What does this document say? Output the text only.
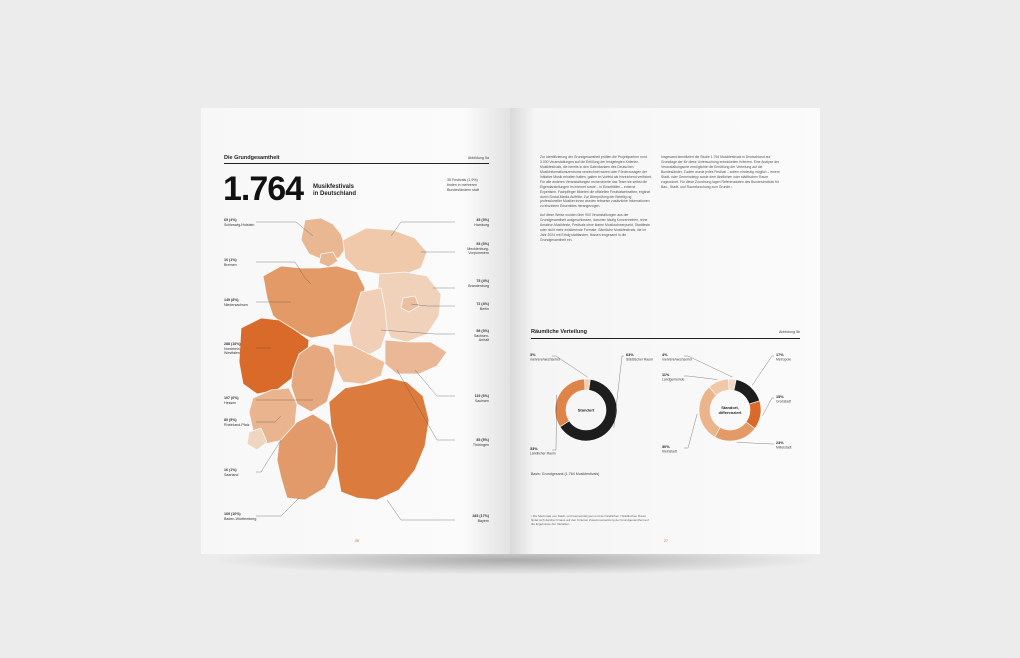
Die Grundgesamtheit	Abbildung 5a
1.764 Musikfestivals
in Deutschland
35 Festivals (1,9%)
finden in mehreren
Bundesländern statt
65 (4%)
Schleswig-Holstein
16 (1%)
Bremen
149 (8%)
Niedersachsen
288 (16%)
Nordrhein-Westfalen
107 (6%)
Hessen
80 (5%)
Rheinland-Pfalz
16 (1%)
Saarland
169 (10%)
Baden-Württemberg
45 (3%)
Hamburg
53 (3%)
Mecklenburg-Vorpommern
75 (4%)
Brandenburg
72 (4%)
Berlin
58 (3%)
Sachsen-Anhalt
119 (6%)
Sachsen
85 (5%)
Thüringen
283 (17%)
Bayern
26
Zur Identifizierung der Grundgesamtheit prüften die Projektpartner rund 3.000 Veranstaltungen auf die Erfüllung der festgelegten Kriterien. Musikfestivals, die bereits in den Datenbanken des Deutschen Musikinformationszentrums verzeichnet waren oder Förderzusagen der Initiative Musik erhalten hatten, galten im Vorfeld als hinreichend verifiziert. Für alle anderen Veranstaltungen recherchierte das Team sie selbst die Eigendarstellungen im Internet sowie – in Einzelfällen – externe Expertisen. Fachpfleger bildeten die offiziellen Festivalwebseiten, ergänzt durch Social-Media-Auftritte. Zur Überprüfung der Beteilig-ng professioneller Musiker:innen wurden teilweise zusätzliche Informationen zu einzelnen Ensembles herangezogen.
Auf diese Weise wurden über 900 Veranstaltungen aus der Grundgesamtheit ausgeschlossen, darunter häufig Konzertreihen, reine Amateur-Musikfeste, Festivals ohne klaren Musikschwerpunkt, Stadtfeste oder nicht mehr existierende Formate. Sämtliche Musikfestivals, die im Jahr 2024 mit Erfolg stattfanden, flossen insgesamt in die Grundgesamtheit ein.
Insgesamt identifiziert die Studie 1.764 Musikfestivals in Deutschland auf Grundlage der für diese Untersuchung entwickelten Kriterien. Eine Analyse der Veranstaltungsorte ermöglichte die Ermittlung der Verteilung auf die Bundesländer. Zudem wurde jedes Festival – sofern eindeutig möglich – einem Stadt- oder Gemeindetyp sowie dem ländlichen oder städtischen Raum zugeordnet. Für diese Zuordnung lagen Referenzdaten des Bundesinstituts für Bau-, Stadt- und Raumforschung zum Grunde.¹
Räumliche Verteilung	Abbildung 5b
3%
mehrere/wechselnd
63%
Städtischer Raum
33%
Ländlicher Raum
Standort
4%
mehrere/wechselnd
17%
Metropole
15%
Großstadt
23%
Mittelstadt
30%
Kleinstadt
11%
Landgemeinde
Standort,
differenziert
Basis: Grundgesamt (1.764 Musikfestivals)
¹ Die Merkmale von Stadt- und Gemeindetypen und der ländlichen / Städtischen Raum findet sich darüber hinaus auf den Kriterien Zusammensetzung der Grundgesamtheit auf die Ergebnisse der Variablen.
27
